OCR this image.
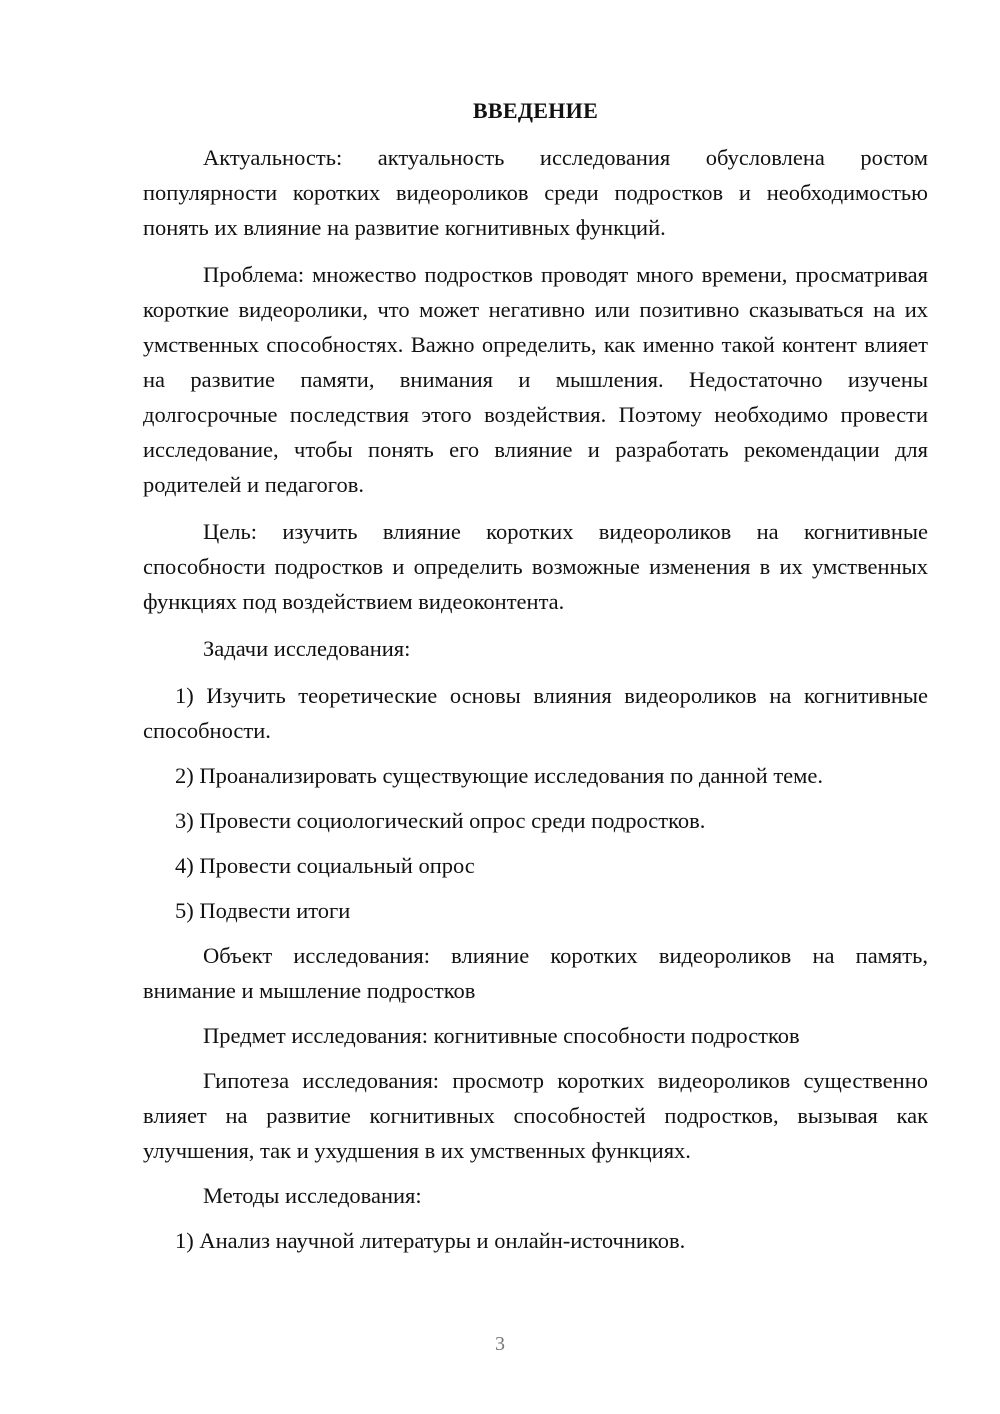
ВВЕДЕНИЕ

Актуальность: актуальность исследования обусловлена ростом популярности коротких видеороликов среди подростков и необходимостью понять их влияние на развитие когнитивных функций.

Проблема: множество подростков проводят много времени, просматривая короткие видеоролики, что может негативно или позитивно сказываться на их умственных способностях. Важно определить, как именно такой контент влияет на развитие памяти, внимания и мышления. Недостаточно изучены долгосрочные последствия этого воздействия. Поэтому необходимо провести исследование, чтобы понять его влияние и разработать рекомендации для родителей и педагогов.

Цель: изучить влияние коротких видеороликов на когнитивные способности подростков и определить возможные изменения в их умственных функциях под воздействием видеоконтента.

Задачи исследования:

1) Изучить теоретические основы влияния видеороликов на когнитивные способности.

2) Проанализировать существующие исследования по данной теме.

3) Провести социологический опрос среди подростков.

4) Провести социальный опрос

5) Подвести итоги

Объект исследования: влияние коротких видеороликов на память, внимание и мышление подростков

Предмет исследования: когнитивные способности подростков

Гипотеза исследования: просмотр коротких видеороликов существенно влияет на развитие когнитивных способностей подростков, вызывая как улучшения, так и ухудшения в их умственных функциях.

Методы исследования:

1) Анализ научной литературы и онлайн-источников.

3
